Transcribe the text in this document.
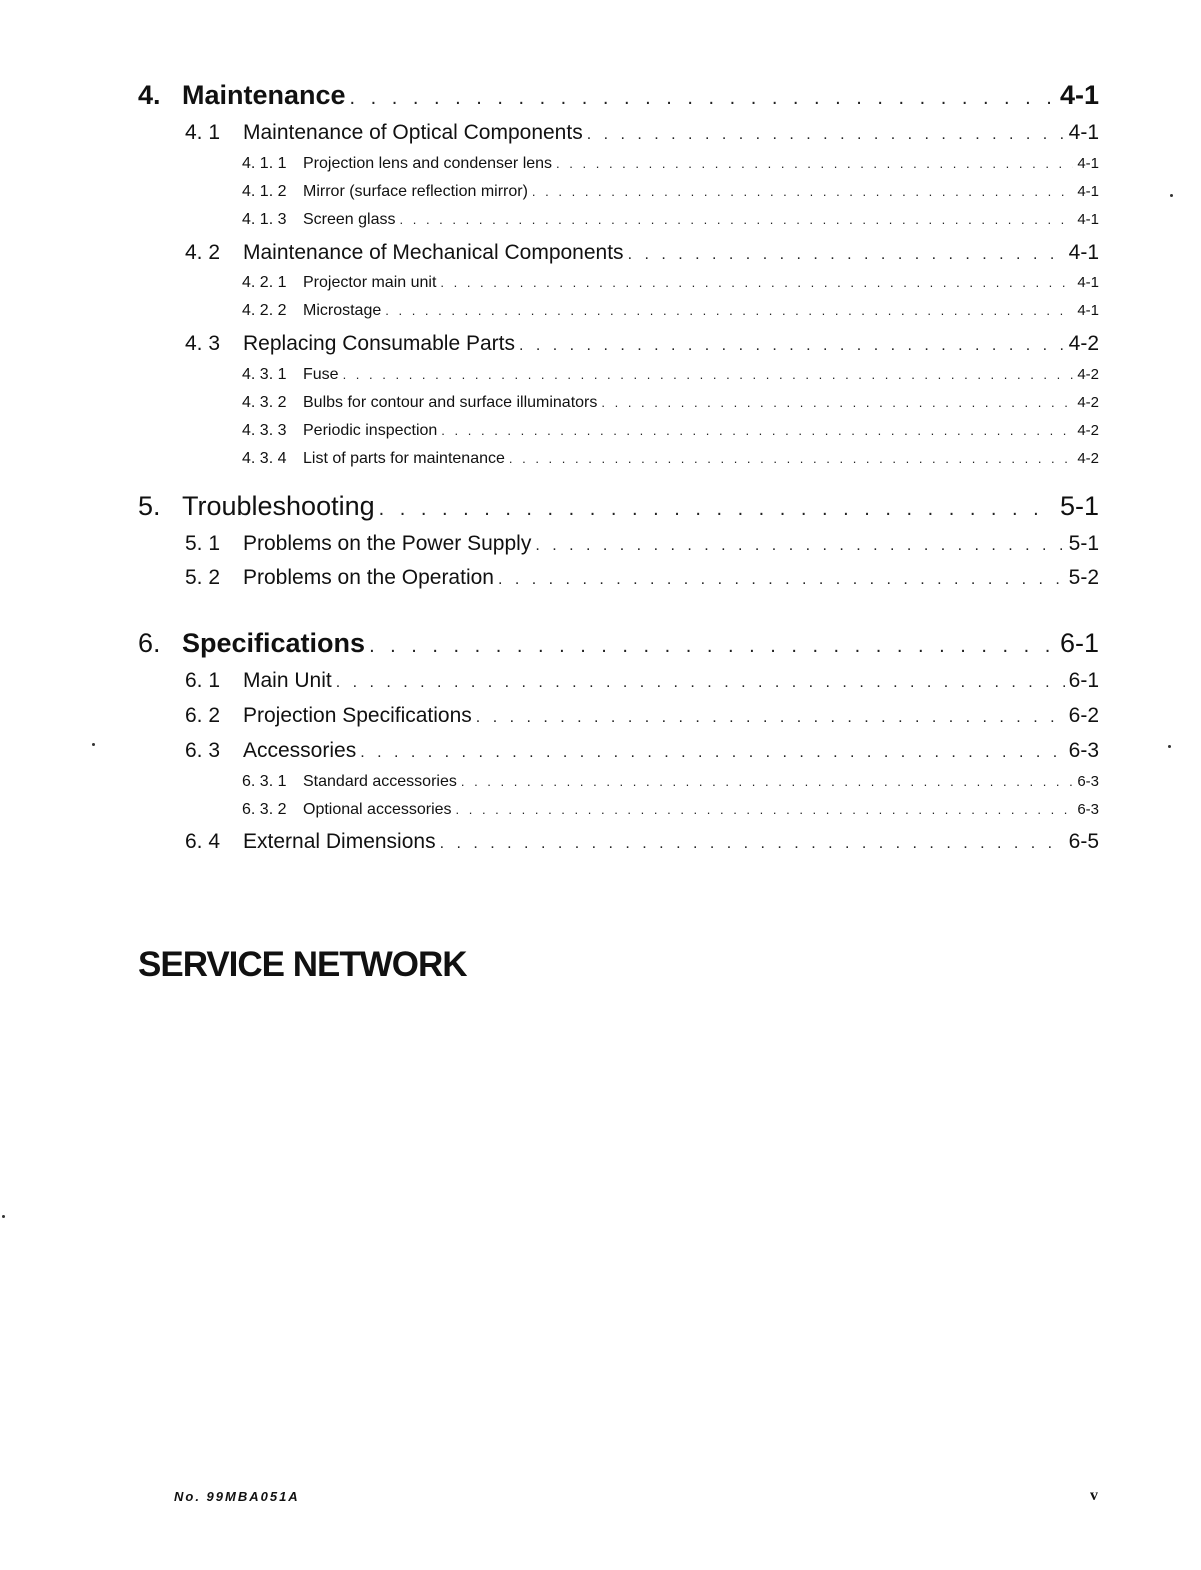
4. Maintenance . . .	4-1
4. 1	Maintenance of Optical Components . . .	4-1
4. 1. 1	Projection lens and condenser lens . . .	4-1
4. 1. 2	Mirror (surface reflection mirror) . . .	4-1
4. 1. 3	Screen glass . . .	4-1
4. 2	Maintenance of Mechanical Components . . .	4-1
4. 2. 1	Projector main unit . . .	4-1
4. 2. 2	Microstage . . .	4-1
4. 3	Replacing Consumable Parts . . .	4-2
4. 3. 1	Fuse . . .	4-2
4. 3. 2	Bulbs for contour and surface illuminators . . .	4-2
4. 3. 3	Periodic inspection . . .	4-2
4. 3. 4	List of parts for maintenance . . .	4-2
5. Troubleshooting . . .	5-1
5. 1	Problems on the Power Supply . . .	5-1
5. 2	Problems on the Operation . . .	5-2
6. Specifications . . .	6-1
6. 1	Main Unit . . .	6-1
6. 2	Projection Specifications . . .	6-2
6. 3	Accessories . . .	6-3
6. 3. 1	Standard accessories . . .	6-3
6. 3. 2	Optional accessories . . .	6-3
6. 4	External Dimensions . . .	6-5
SERVICE NETWORK
No. 99MBA051A	v
